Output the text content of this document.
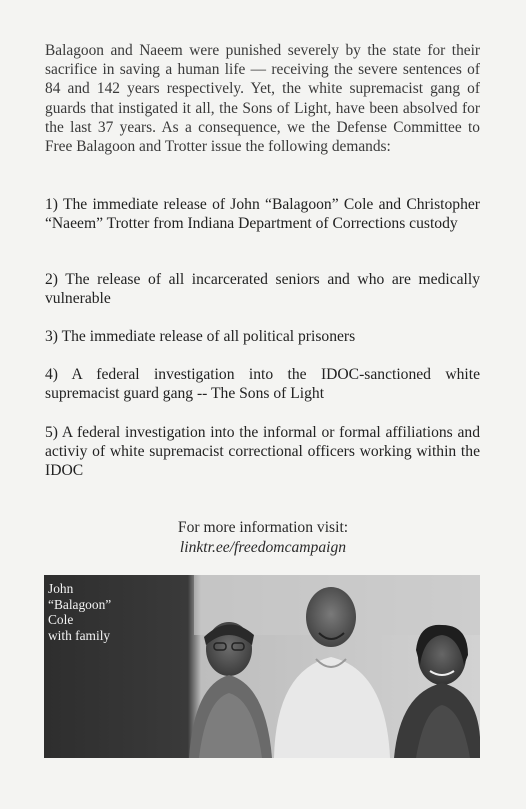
Balagoon and Naeem were punished severely by the state for their sacrifice in saving a human life — receiving the severe sentences of 84 and 142 years respectively. Yet, the white supremacist gang of guards that instigated it all, the Sons of Light, have been absolved for the last 37 years. As a consequence, we the Defense Committee to Free Balagoon and Trotter issue the following demands:

1) The immediate release of John “Balagoon” Cole and Christopher “Naeem” Trotter from Indiana Department of Corrections custody

2) The release of all incarcerated seniors and who are medically vulnerable

3) The immediate release of all political prisoners

4) A federal investigation into the IDOC-sanctioned white supremacist guard gang -- The Sons of Light

5) A federal investigation into the informal or formal affiliations and activiy of white supremacist correctional officers working within the IDOC

For more information visit:
linktr.ee/freedomcampaign
John
“Balagoon”
Cole
with family
